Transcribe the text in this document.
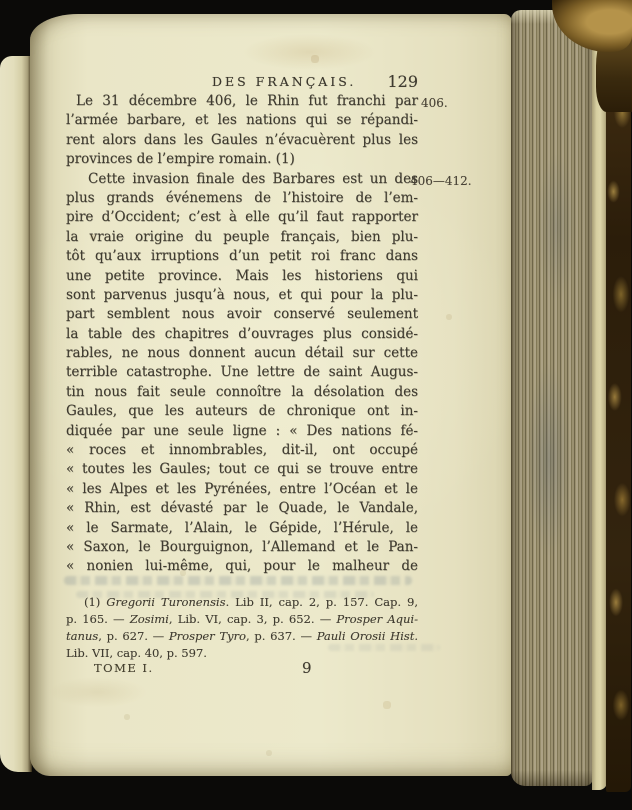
DES FRANÇAIS. 129
406.
406—412.
Le 31 décembre 406, le Rhin fut franchi par
l’armée barbare, et les nations qui se répandi-
rent alors dans les Gaules n’évacuèrent plus les
provinces de l’empire romain. (1)
Cette invasion finale des Barbares est un des
plus grands événemens de l’histoire de l’em-
pire d’Occident; c’est à elle qu’il faut rapporter
la vraie origine du peuple français, bien plu-
tôt qu’aux irruptions d’un petit roi franc dans
une petite province. Mais les historiens qui
sont parvenus jusqu’à nous, et qui pour la plu-
part semblent nous avoir conservé seulement
la table des chapitres d’ouvrages plus considé-
rables, ne nous donnent aucun détail sur cette
terrible catastrophe. Une lettre de saint Augus-
tin nous fait seule connoître la désolation des
Gaules, que les auteurs de chronique ont in-
diquée par une seule ligne : « Des nations fé-
« roces et innombrables, dit-il, ont occupé
« toutes les Gaules; tout ce qui se trouve entre
« les Alpes et les Pyrénées, entre l’Océan et le
« Rhin, est dévasté par le Quade, le Vandale,
« le Sarmate, l’Alain, le Gépide, l’Hérule, le
« Saxon, le Bourguignon, l’Allemand et le Pan-
« nonien lui-même, qui, pour le malheur de
(1) Gregorii Turonensis. Lib II, cap. 2, p. 157. Cap. 9,
p. 165. — Zosimi, Lib. VI, cap. 3, p. 652. — Prosper Aqui-
tanus, p. 627. — Prosper Tyro, p. 637. — Pauli Orosii Hist.
Lib. VII, cap. 40, p. 597.
TOME I.	9
